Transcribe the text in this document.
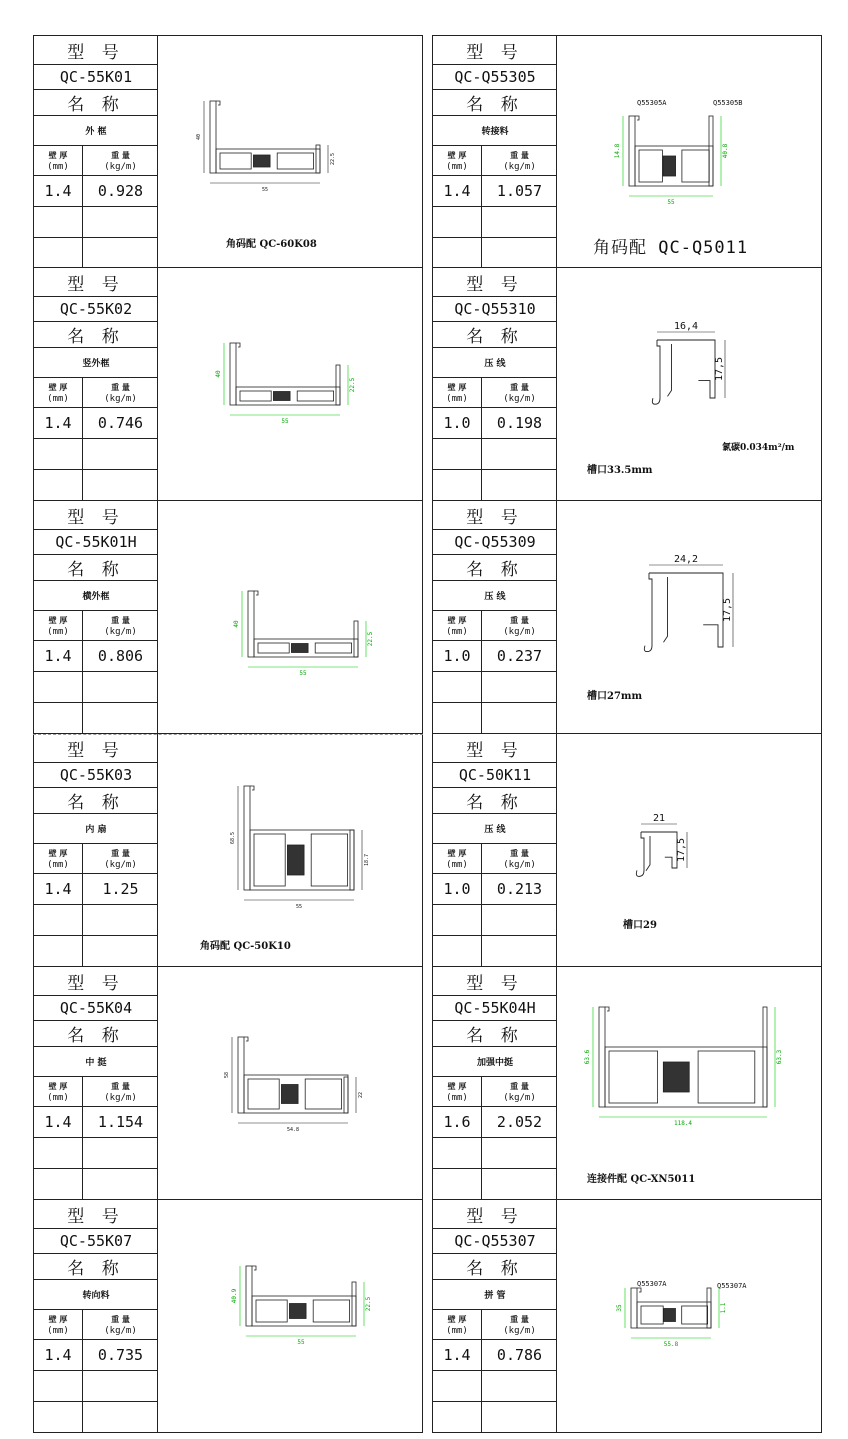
型 号
QC-55K01
名 称
外 框
壁 厚
(mm)
重 量
(kg/m)
1.4	0.928
40
22.5
55
角码配 QC-60K08
型 号
QC-55K02
名 称
竖外框
壁 厚
(mm)
重 量
(kg/m)
1.4	0.746
40
22.5
55
型 号
QC-55K01H
名 称
横外框
壁 厚
(mm)
重 量
(kg/m)
1.4	0.806
40
22.5
55
型 号
QC-55K03
名 称
内 扇
壁 厚
(mm)
重 量
(kg/m)
1.4	1.25
68.5
18.7
55
角码配 QC-50K10
型 号
QC-55K04
名 称
中 挺
壁 厚
(mm)
重 量
(kg/m)
1.4	1.154
58
22
54.8
型 号
QC-55K07
名 称
转向料
壁 厚
(mm)
重 量
(kg/m)
1.4	0.735
40.9
22.5
55
型 号
QC-Q55305
名 称
转接料
壁 厚
(mm)
重 量
(kg/m)
1.4	1.057
14.8	40.8
55
Q55305A	Q55305B
角码配 QC-Q5011
型 号
QC-Q55310
名 称
压 线
壁 厚
(mm)
重 量
(kg/m)
1.0	0.198
16,4
17,5
槽口33.5mm
氯碳0.034m²/m
型 号
QC-Q55309
名 称
压 线
壁 厚
(mm)
重 量
(kg/m)
1.0	0.237
24,2
17,5
槽口27mm
型 号
QC-50K11
名 称
压 线
壁 厚
(mm)
重 量
(kg/m)
1.0	0.213
21
17,5
槽口29
型 号
QC-55K04H
名 称
加强中挺
壁 厚
(mm)
重 量
(kg/m)
1.6	2.052
63.6	63.3
118.4
连接件配 QC-XN5011
型 号
QC-Q55307
名 称
拼 管
壁 厚
(mm)
重 量
(kg/m)
1.4	0.786
35	1.1
55.8
Q55307A	Q55307A
